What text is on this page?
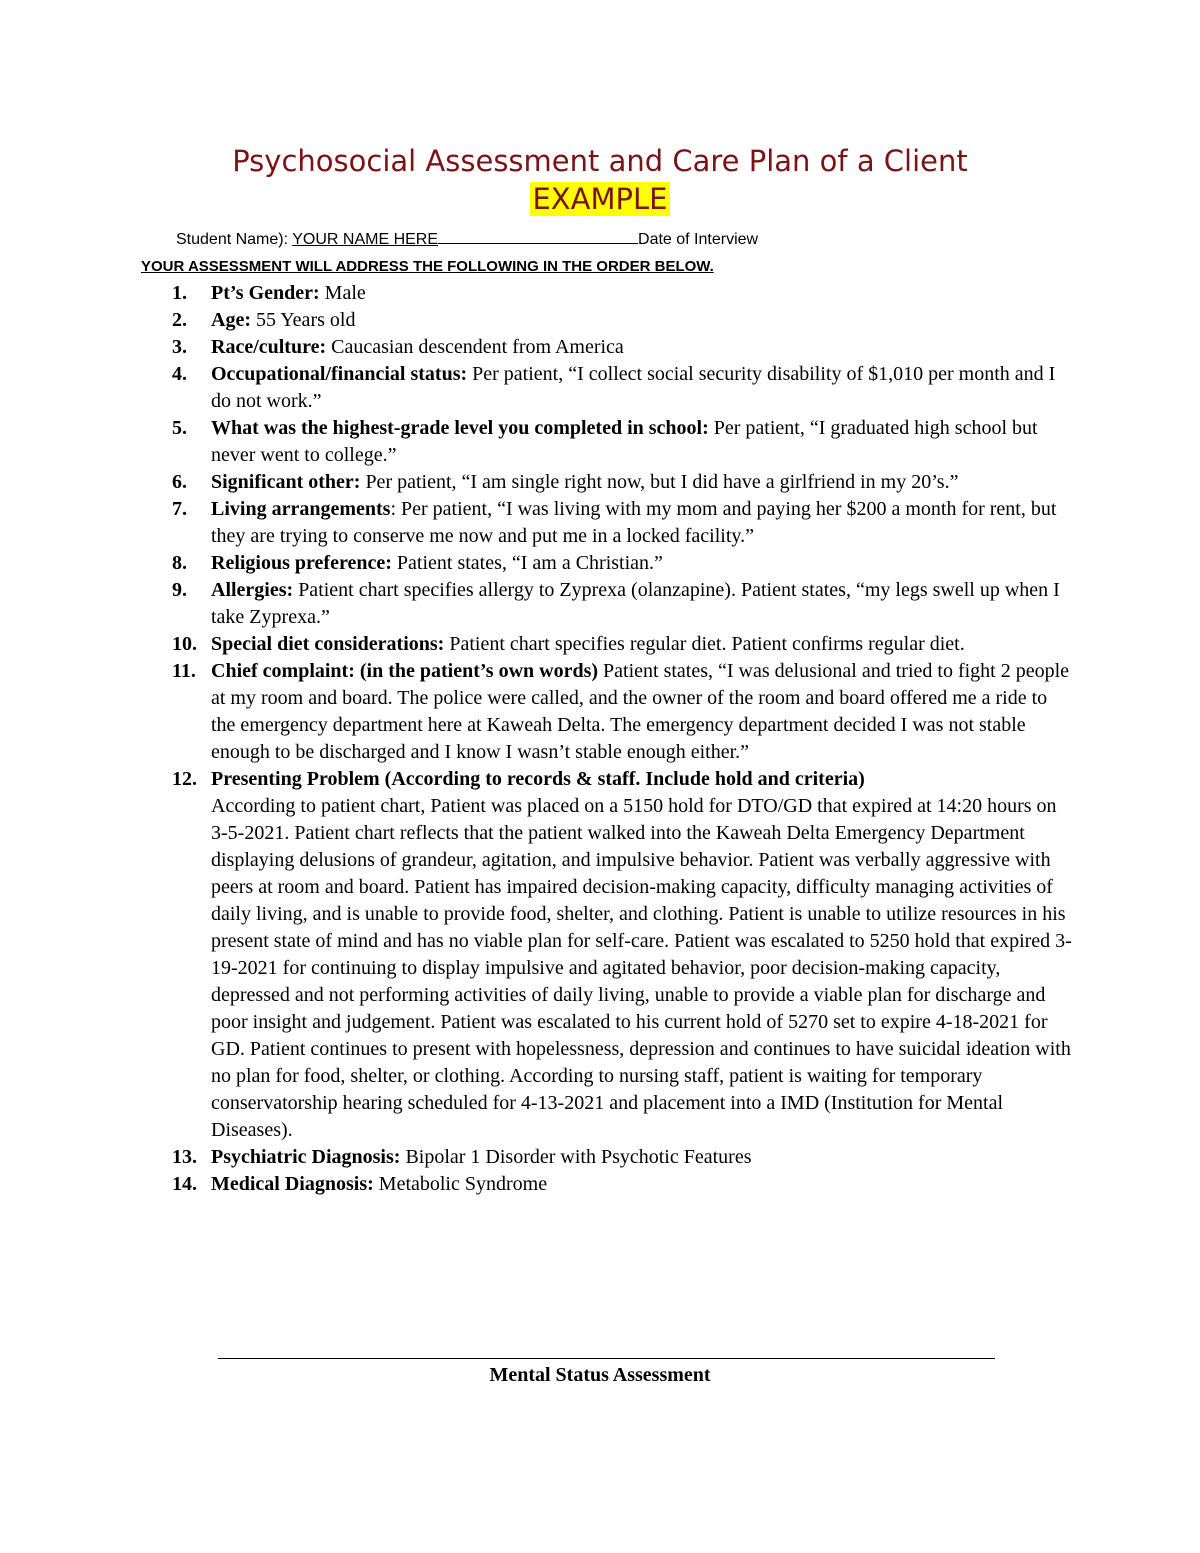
Psychosocial Assessment and Care Plan of a Client
EXAMPLE
Student Name): YOUR NAME HERE	Date of Interview
YOUR ASSESSMENT WILL ADDRESS THE FOLLOWING IN THE ORDER BELOW.
1. Pt’s Gender: Male
2. Age: 55 Years old
3. Race/culture: Caucasian descendent from America
4. Occupational/financial status: Per patient, “I collect social security disability of $1,010 per month and I do not work.”
5. What was the highest-grade level you completed in school: Per patient, “I graduated high school but never went to college.”
6. Significant other: Per patient, “I am single right now, but I did have a girlfriend in my 20’s.”
7. Living arrangements: Per patient, “I was living with my mom and paying her $200 a month for rent, but they are trying to conserve me now and put me in a locked facility.”
8. Religious preference: Patient states, “I am a Christian.”
9. Allergies: Patient chart specifies allergy to Zyprexa (olanzapine). Patient states, “my legs swell up when I take Zyprexa.”
10. Special diet considerations: Patient chart specifies regular diet. Patient confirms regular diet.
11. Chief complaint: (in the patient’s own words) Patient states, “I was delusional and tried to fight 2 people at my room and board. The police were called, and the owner of the room and board offered me a ride to the emergency department here at Kaweah Delta. The emergency department decided I was not stable enough to be discharged and I know I wasn’t stable enough either.”
12. Presenting Problem (According to records & staff. Include hold and criteria)
According to patient chart, Patient was placed on a 5150 hold for DTO/GD that expired at 14:20 hours on 3-5-2021. Patient chart reflects that the patient walked into the Kaweah Delta Emergency Department displaying delusions of grandeur, agitation, and impulsive behavior. Patient was verbally aggressive with peers at room and board. Patient has impaired decision-making capacity, difficulty managing activities of daily living, and is unable to provide food, shelter, and clothing. Patient is unable to utilize resources in his present state of mind and has no viable plan for self-care. Patient was escalated to 5250 hold that expired 3-19-2021 for continuing to display impulsive and agitated behavior, poor decision-making capacity, depressed and not performing activities of daily living, unable to provide a viable plan for discharge and poor insight and judgement. Patient was escalated to his current hold of 5270 set to expire 4-18-2021 for GD. Patient continues to present with hopelessness, depression and continues to have suicidal ideation with no plan for food, shelter, or clothing. According to nursing staff, patient is waiting for temporary conservatorship hearing scheduled for 4-13-2021 and placement into a IMD (Institution for Mental Diseases).
13. Psychiatric Diagnosis: Bipolar 1 Disorder with Psychotic Features
14. Medical Diagnosis: Metabolic Syndrome
Mental Status Assessment
